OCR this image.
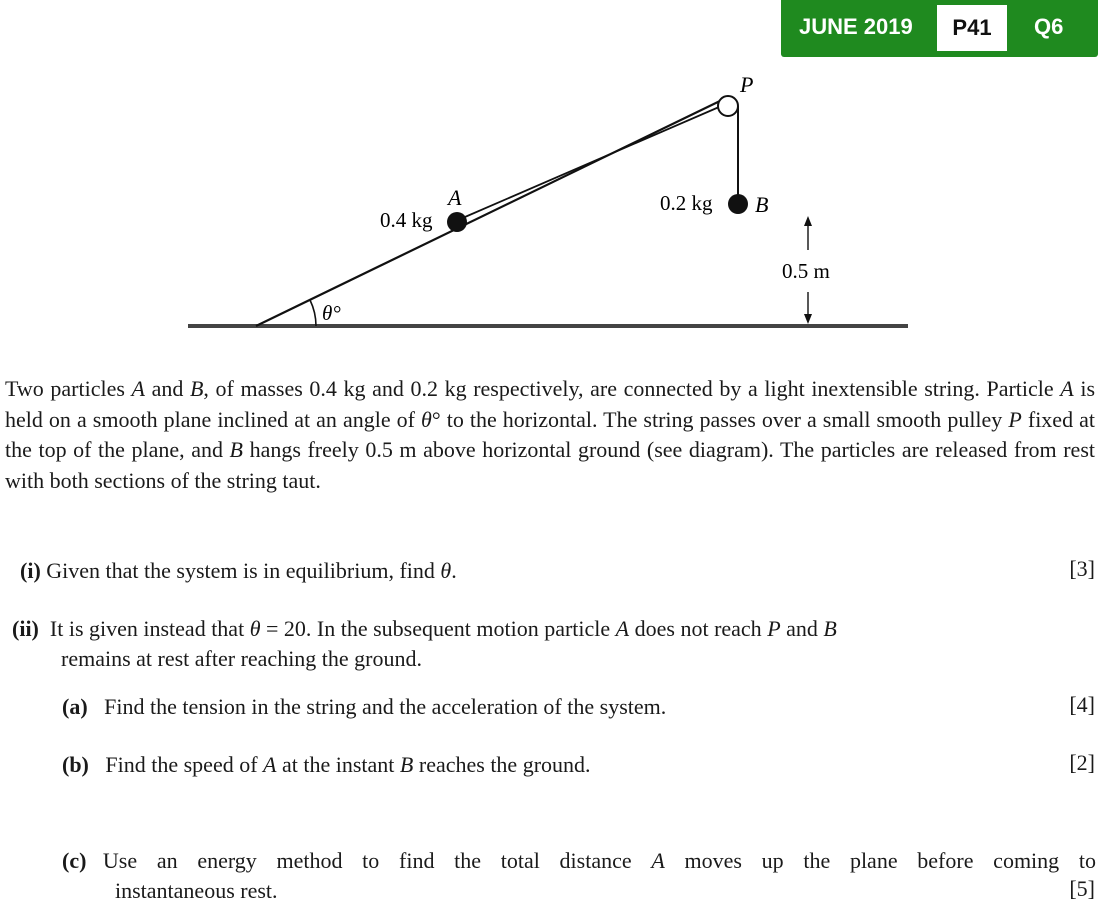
JUNE 2019	P41	Q6
P
A	B
0.4 kg
0.2 kg
0.5 m
θ°

Two particles A and B, of masses 0.4 kg and 0.2 kg respectively, are connected by a light inextensible string. Particle A is held on a smooth plane inclined at an angle of θ° to the horizontal. The string passes over a small smooth pulley P fixed at the top of the plane, and B hangs freely 0.5 m above horizontal ground (see diagram). The particles are released from rest with both sections of the string taut.

(i) Given that the system is in equilibrium, find θ.	[3]
(ii) It is given instead that θ = 20. In the subsequent motion particle A does not reach P and B
remains at rest after reaching the ground.
(a) Find the tension in the string and the acceleration of the system.	[4]
(b) Find the speed of A at the instant B reaches the ground.	[2]
(c)
Use an energy method to find the total distance A moves up the plane before coming to
instantaneous rest.	[5]
